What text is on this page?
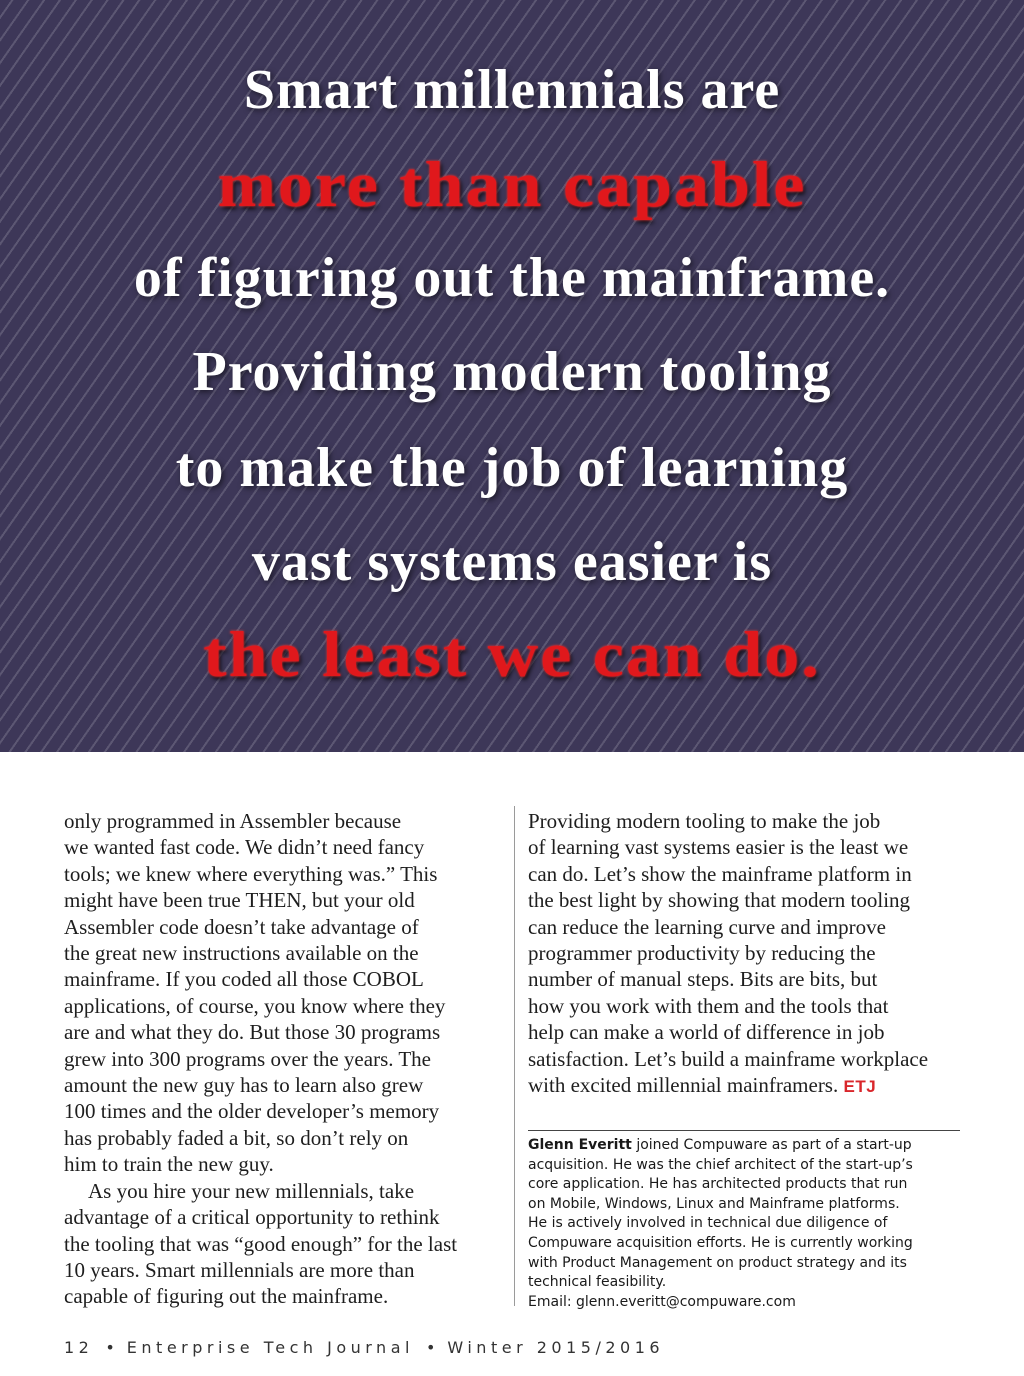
Smart millennials are
more than capable
of figuring out the mainframe.
Providing modern tooling
to make the job of learning
vast systems easier is
the least we can do.

only programmed in Assembler because
we wanted fast code. We didn’t need fancy
tools; we knew where everything was.” This
might have been true THEN, but your old
Assembler code doesn’t take advantage of
the great new instructions available on the
mainframe. If you coded all those COBOL
applications, of course, you know where they
are and what they do. But those 30 programs
grew into 300 programs over the years. The
amount the new guy has to learn also grew
100 times and the older developer’s memory
has probably faded a bit, so don’t rely on
him to train the new guy.

As you hire your new millennials, take
advantage of a critical opportunity to rethink
the tooling that was “good enough” for the last
10 years. Smart millennials are more than
capable of figuring out the mainframe.

Providing modern tooling to make the job
of learning vast systems easier is the least we
can do. Let’s show the mainframe platform in
the best light by showing that modern tooling
can reduce the learning curve and improve
programmer productivity by reducing the
number of manual steps. Bits are bits, but
how you work with them and the tools that
help can make a world of difference in job
satisfaction. Let’s build a mainframe workplace
with excited millennial mainframers. ETJ

Glenn Everitt joined Compuware as part of a start-up
acquisition. He was the chief architect of the start-up’s
core application. He has architected products that run
on Mobile, Windows, Linux and Mainframe platforms.
He is actively involved in technical due diligence of
Compuware acquisition efforts. He is currently working
with Product Management on product strategy and its
technical feasibility.
Email: glenn.everitt@compuware.com
12 • Enterprise Tech Journal • Winter 2015/2016
